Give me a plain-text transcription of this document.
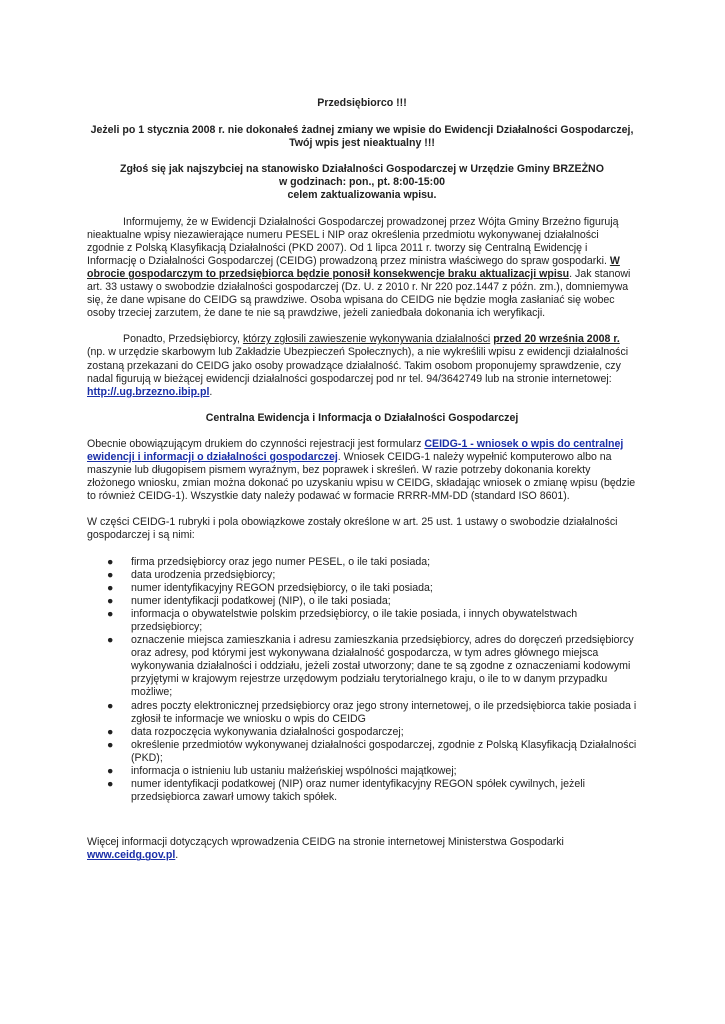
Przedsiębiorco !!!
Jeżeli po 1 stycznia 2008 r. nie dokonałeś żadnej zmiany we wpisie do Ewidencji Działalności Gospodarczej, Twój wpis jest nieaktualny !!!
Zgłoś się jak najszybciej na stanowisko Działalności Gospodarczej w Urzędzie Gminy BRZEŻNO
w godzinach: pon., pt. 8:00-15:00
celem zaktualizowania wpisu.

Informujemy, że w Ewidencji Działalności Gospodarczej prowadzonej przez Wójta Gminy Brzeżno figurują nieaktualne wpisy niezawierające numeru PESEL i NIP oraz określenia przedmiotu wykonywanej działalności zgodnie z Polską Klasyfikacją Działalności (PKD 2007). Od 1 lipca 2011 r. tworzy się Centralną Ewidencję i Informację o Działalności Gospodarczej (CEIDG) prowadzoną przez ministra właściwego do spraw gospodarki. W obrocie gospodarczym to przedsiębiorca będzie ponosił konsekwencje braku aktualizacji wpisu. Jak stanowi art. 33 ustawy o swobodzie działalności gospodarczej (Dz. U. z 2010 r. Nr 220 poz.1447 z późn. zm.), domniemywa się, że dane wpisane do CEIDG są prawdziwe. Osoba wpisana do CEIDG nie będzie mogła zasłaniać się wobec osoby trzeciej zarzutem, że dane te nie są prawdziwe, jeżeli zaniedbała dokonania ich weryfikacji.

Ponadto, Przedsiębiorcy, którzy zgłosili zawieszenie wykonywania działalności przed 20 września 2008 r. (np. w urzędzie skarbowym lub Zakładzie Ubezpieczeń Społecznych), a nie wykreślili wpisu z ewidencji działalności zostaną przekazani do CEIDG jako osoby prowadzące działalność. Takim osobom proponujemy sprawdzenie, czy nadal figurują w bieżącej ewidencji działalności gospodarczej pod nr tel. 94/3642749 lub na stronie internetowej: http://.ug.brzezno.ibip.pl.

Centralna Ewidencja i Informacja o Działalności Gospodarczej

Obecnie obowiązującym drukiem do czynności rejestracji jest formularz CEIDG-1 - wniosek o wpis do centralnej ewidencji i informacji o działalności gospodarczej. Wniosek CEIDG-1 należy wypełnić komputerowo albo na maszynie lub długopisem pismem wyraźnym, bez poprawek i skreśleń. W razie potrzeby dokonania korekty złożonego wniosku, zmian można dokonać po uzyskaniu wpisu w CEIDG, składając wniosek o zmianę wpisu (będzie to również CEIDG-1). Wszystkie daty należy podawać w formacie RRRR-MM-DD (standard ISO 8601).

W części CEIDG-1 rubryki i pola obowiązkowe zostały określone w art. 25 ust. 1 ustawy o swobodzie działalności gospodarczej i są nimi:

● firma przedsiębiorcy oraz jego numer PESEL, o ile taki posiada;
● data urodzenia przedsiębiorcy;
● numer identyfikacyjny REGON przedsiębiorcy, o ile taki posiada;
● numer identyfikacji podatkowej (NIP), o ile taki posiada;
● informacja o obywatelstwie polskim przedsiębiorcy, o ile takie posiada, i innych obywatelstwach przedsiębiorcy;
● oznaczenie miejsca zamieszkania i adresu zamieszkania przedsiębiorcy, adres do doręczeń przedsiębiorcy oraz adresy, pod którymi jest wykonywana działalność gospodarcza, w tym adres głównego miejsca wykonywania działalności i oddziału, jeżeli został utworzony; dane te są zgodne z oznaczeniami kodowymi przyjętymi w krajowym rejestrze urzędowym podziału terytorialnego kraju, o ile to w danym przypadku możliwe;
● adres poczty elektronicznej przedsiębiorcy oraz jego strony internetowej, o ile przedsiębiorca takie posiada i zgłosił te informacje we wniosku o wpis do CEIDG
● data rozpoczęcia wykonywania działalności gospodarczej;
● określenie przedmiotów wykonywanej działalności gospodarczej, zgodnie z Polską Klasyfikacją Działalności (PKD);
● informacja o istnieniu lub ustaniu małżeńskiej wspólności majątkowej;
● numer identyfikacji podatkowej (NIP) oraz numer identyfikacyjny REGON spółek cywilnych, jeżeli przedsiębiorca zawarł umowy takich spółek.

Więcej informacji dotyczących wprowadzenia CEIDG na stronie internetowej Ministerstwa Gospodarki www.ceidg.gov.pl.
